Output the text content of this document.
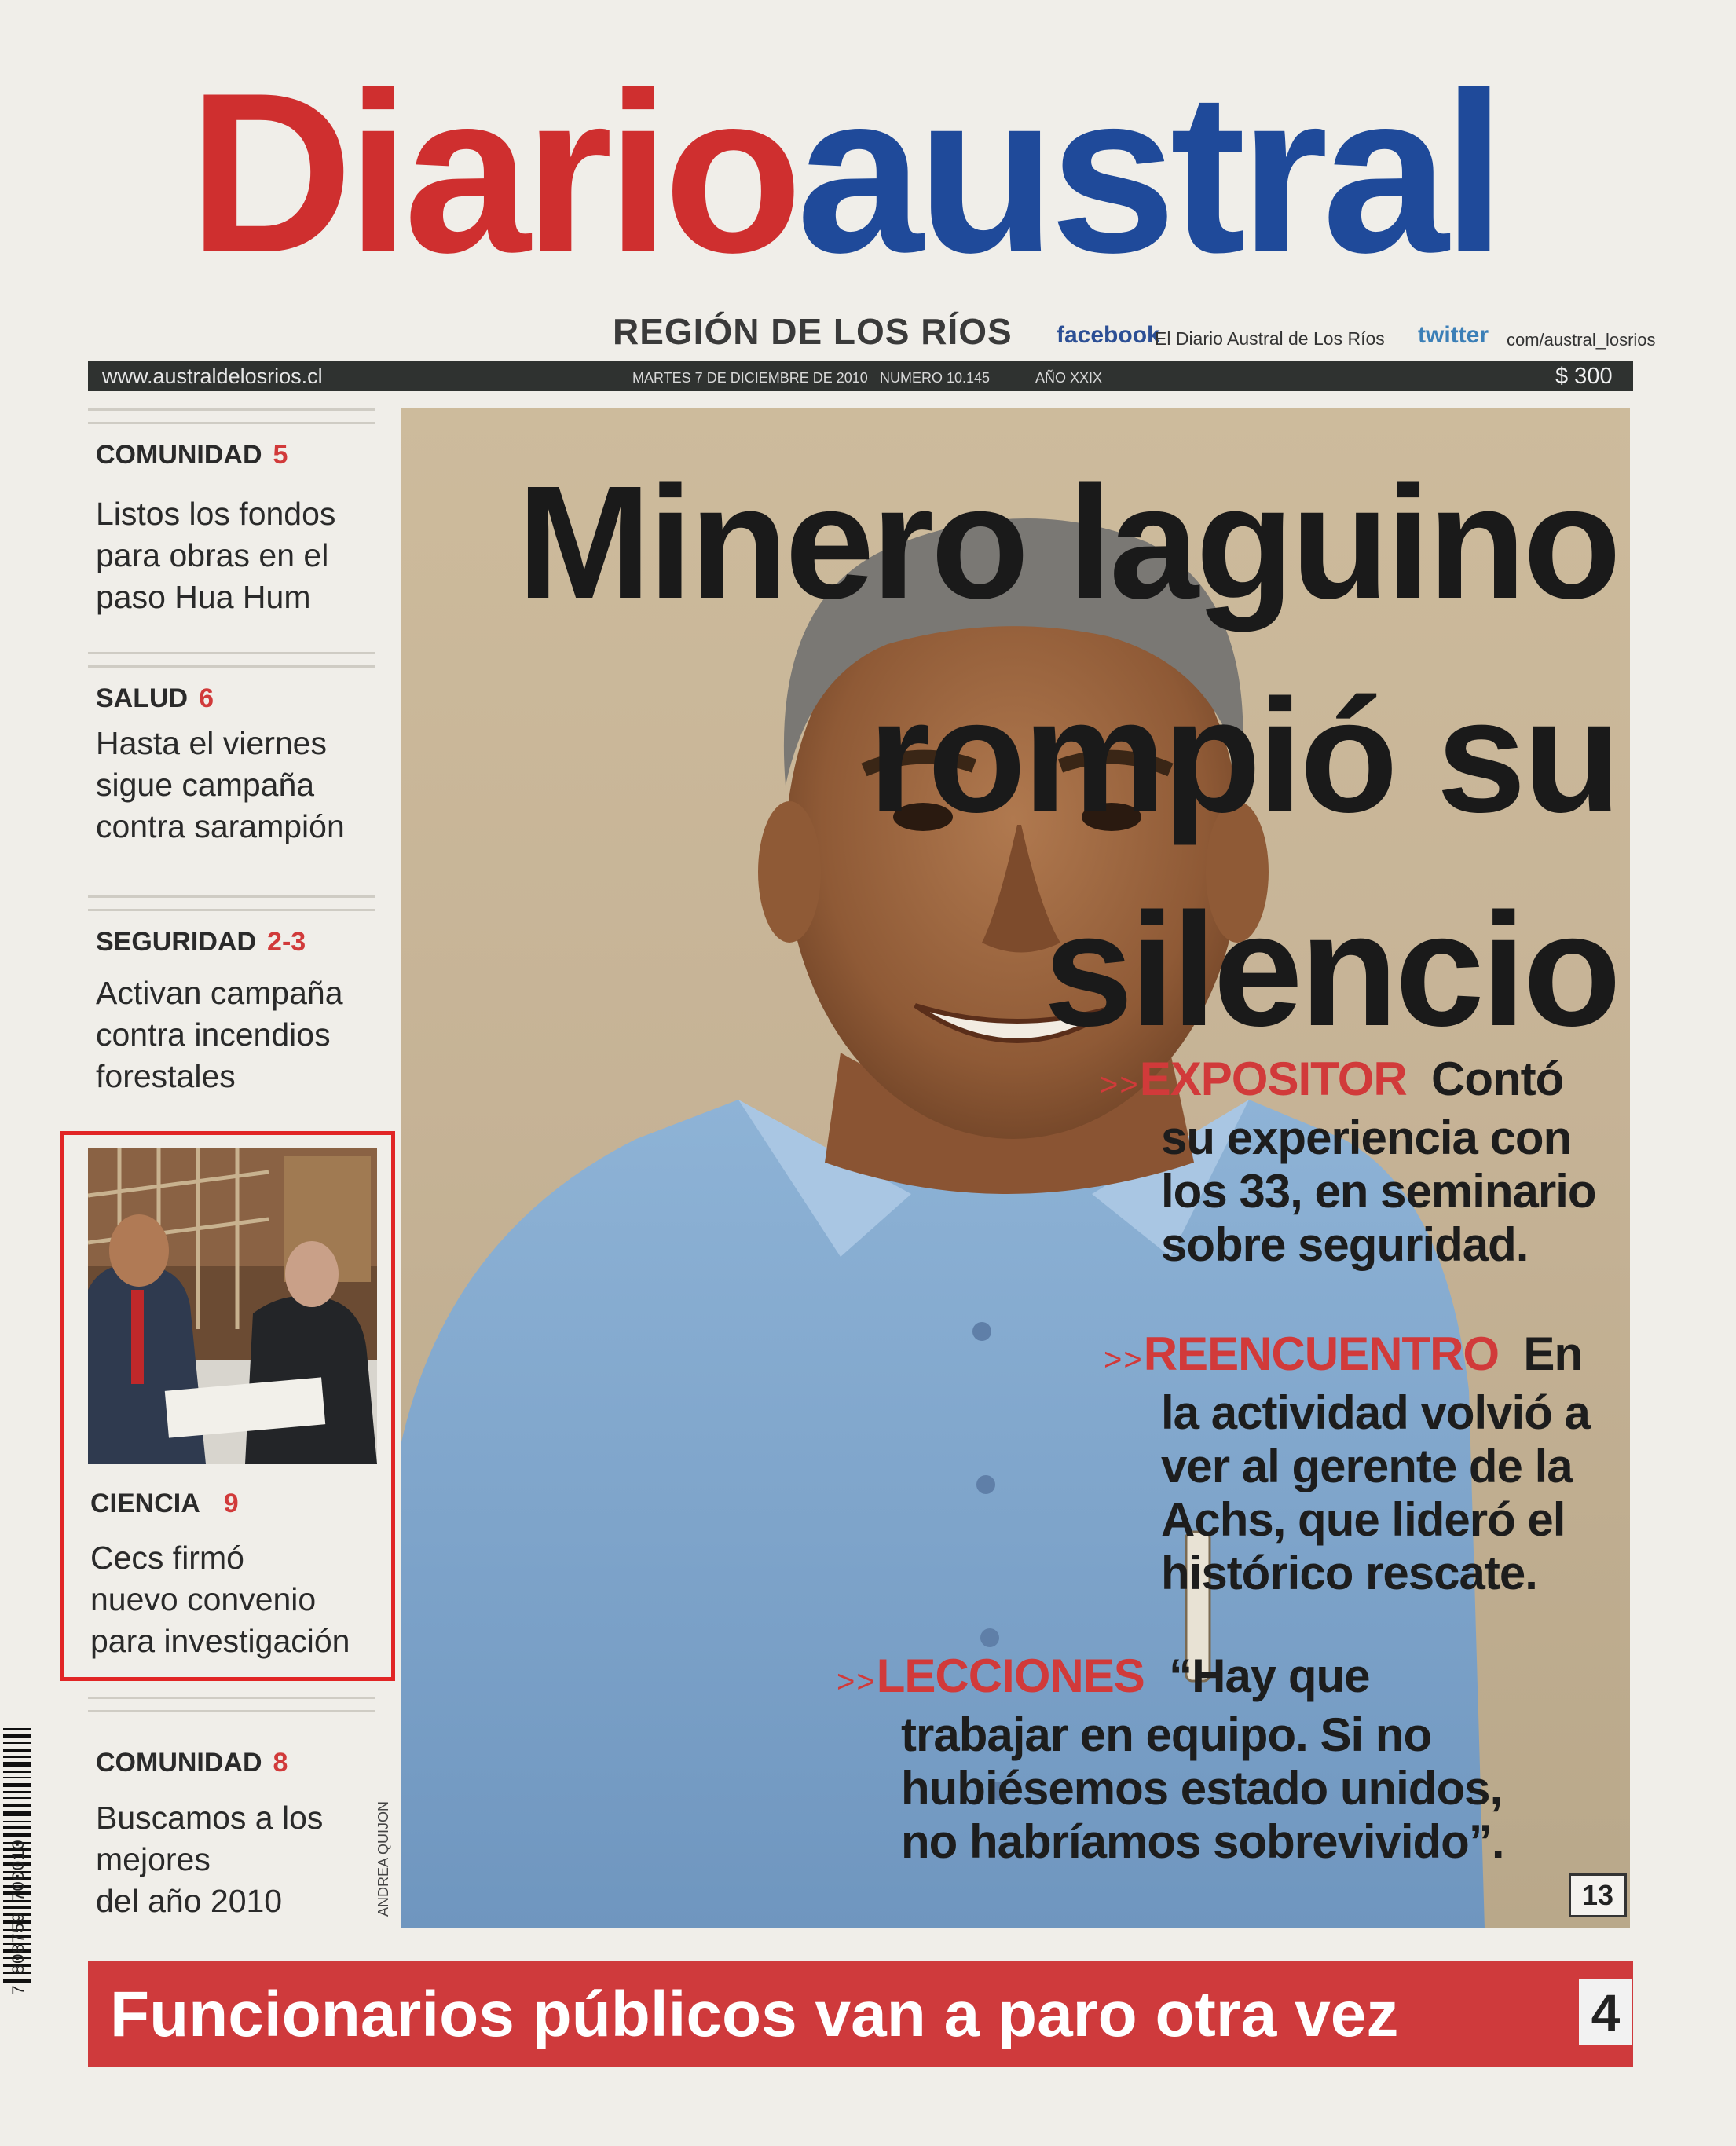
Diarioaustral
REGIÓN DE LOS RÍOS facebook
El Diario Austral de Los Ríos twitter com/austral_losrios
www.australdelosrios.cl	MARTES 7 DE DICIEMBRE DE 2010 NUMERO 10.145	AÑO XXIX	$ 300
Minero laguino
rompió su
silencio
>>EXPOSITOR Contó
su experiencia con
los 33, en seminario
sobre seguridad.
>>REENCUENTRO En
la actividad volvió a
ver al gerente de la
Achs, que lideró el
histórico rescate.
>>LECCIONES “Hay que
trabajar en equipo. Si no
hubiésemos estado unidos,
no habríamos sobrevivido”.
13
ANDREA QUIJON
COMUNIDAD 5
Listos los fondos
para obras en el
paso Hua Hum
SALUD 6
Hasta el viernes
sigue campaña
contra sarampión
SEGURIDAD 2-3
Activan campaña
contra incendios
forestales
CIENCIA 9
Cecs firmó
nuevo convenio
para investigación
COMUNIDAD 8
Buscamos a los
mejores
del año 2010
7 808759 700010
Funcionarios públicos van a paro otra vez	4
